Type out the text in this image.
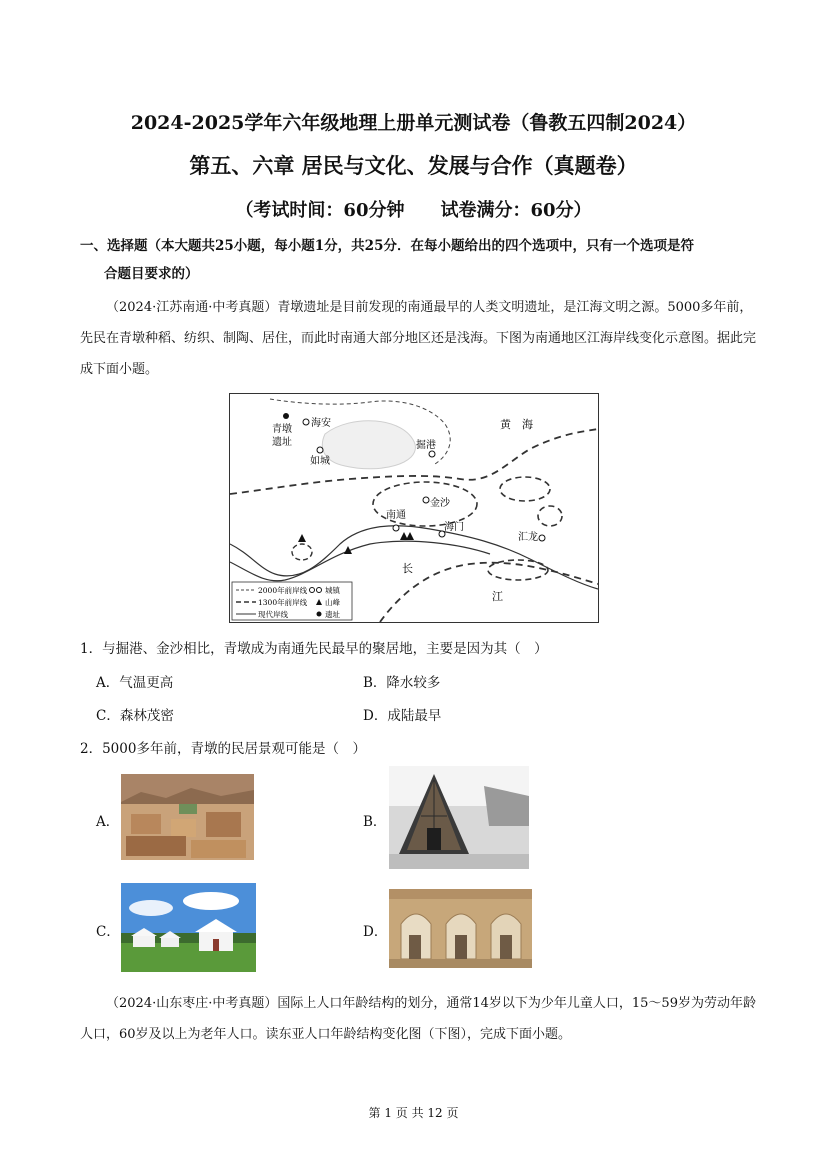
2024-2025学年六年级地理上册单元测试卷（鲁教五四制2024）
第五、六章 居民与文化、发展与合作（真题卷）
（考试时间：60分钟　　试卷满分：60分）
一、选择题（本大题共25小题，每小题1分，共25分．在每小题给出的四个选项中，只有一个选项是符
合题目要求的）
（2024·江苏南通·中考真题）青墩遗址是目前发现的南通最早的人类文明遗址，是江海文明之源。5000多年前，先民在青墩种稻、纺织、制陶、居住，而此时南通大部分地区还是浅海。下图为南通地区江海岸线变化示意图。据此完成下面小题。
青墩
遗址
海安
如城
掘港
黄　海
金沙
南通
海门
汇龙
长
江
2000年前岸线
1300年前岸线
现代岸线
城镇
山峰
遗址
1．与掘港、金沙相比，青墩成为南通先民最早的聚居地，主要是因为其（　）
A．气温更高	B．降水较多
C．森林茂密	D．成陆最早
2．5000多年前，青墩的民居景观可能是（　）
A．	B．
C．	D．
（2024·山东枣庄·中考真题）国际上人口年龄结构的划分，通常14岁以下为少年儿童人口，15～59岁为劳动年龄人口，60岁及以上为老年人口。读东亚人口年龄结构变化图（下图），完成下面小题。
第 1 页 共 12 页
